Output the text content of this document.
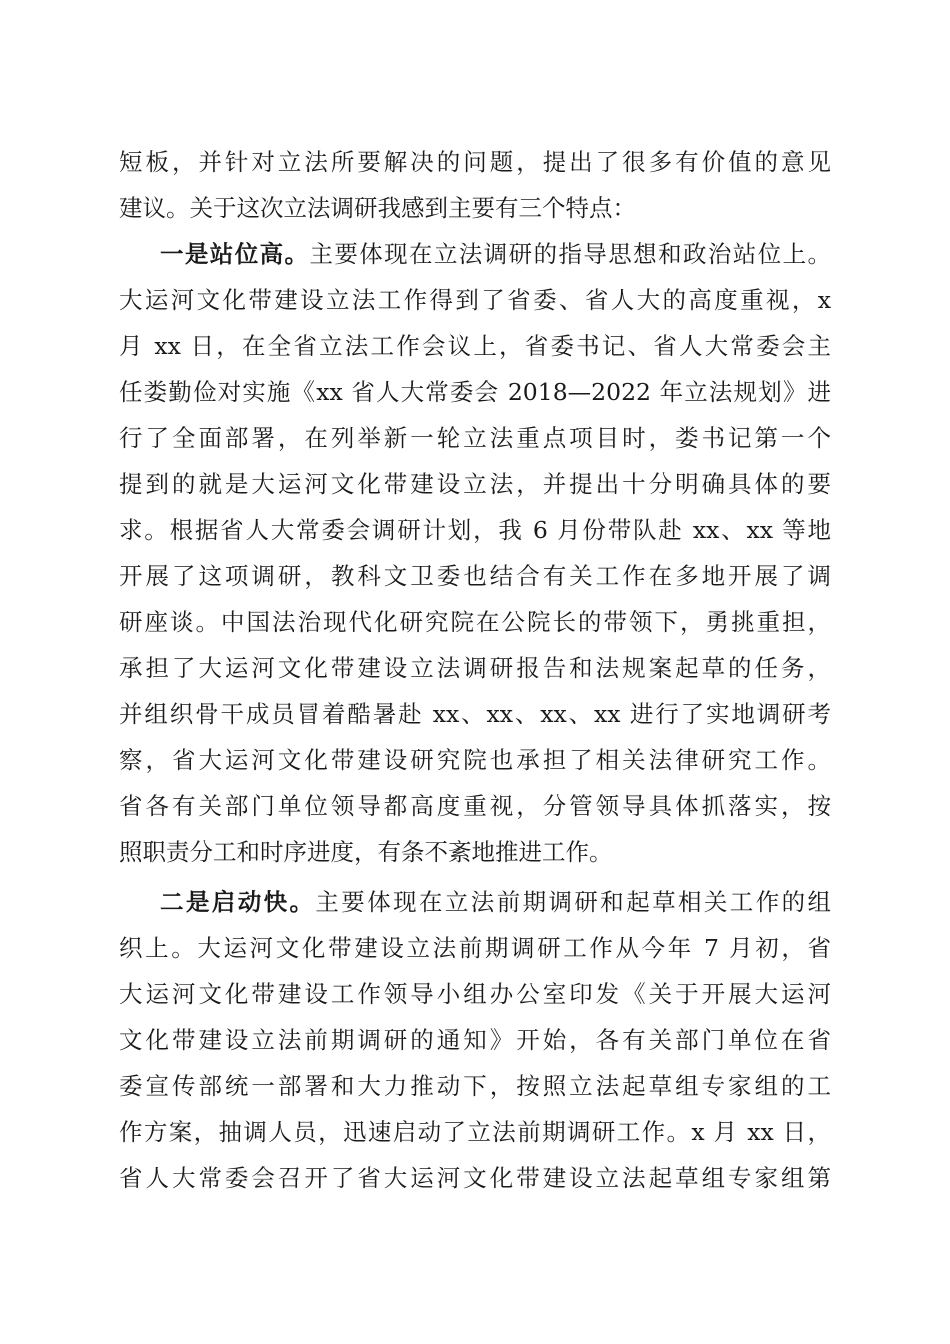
短板，并针对立法所要解决的问题，提出了很多有价值的意见
建议。关于这次立法调研我感到主要有三个特点：
一是站位高。主要体现在立法调研的指导思想和政治站位上。
大运河文化带建设立法工作得到了省委、省人大的高度重视，x
月 xx 日，在全省立法工作会议上，省委书记、省人大常委会主
任娄勤俭对实施《xx 省人大常委会 2018—2022 年立法规划》进
行了全面部署，在列举新一轮立法重点项目时，娄书记第一个
提到的就是大运河文化带建设立法，并提出十分明确具体的要
求。根据省人大常委会调研计划，我 6 月份带队赴 xx、xx 等地
开展了这项调研，教科文卫委也结合有关工作在多地开展了调
研座谈。中国法治现代化研究院在公院长的带领下，勇挑重担，
承担了大运河文化带建设立法调研报告和法规案起草的任务，
并组织骨干成员冒着酷暑赴 xx、xx、xx、xx 进行了实地调研考
察，省大运河文化带建设研究院也承担了相关法律研究工作。
省各有关部门单位领导都高度重视，分管领导具体抓落实，按
照职责分工和时序进度，有条不紊地推进工作。
二是启动快。主要体现在立法前期调研和起草相关工作的组
织上。大运河文化带建设立法前期调研工作从今年 7 月初，省
大运河文化带建设工作领导小组办公室印发《关于开展大运河
文化带建设立法前期调研的通知》开始，各有关部门单位在省
委宣传部统一部署和大力推动下，按照立法起草组专家组的工
作方案，抽调人员，迅速启动了立法前期调研工作。x 月 xx 日，
省人大常委会召开了省大运河文化带建设立法起草组专家组第
